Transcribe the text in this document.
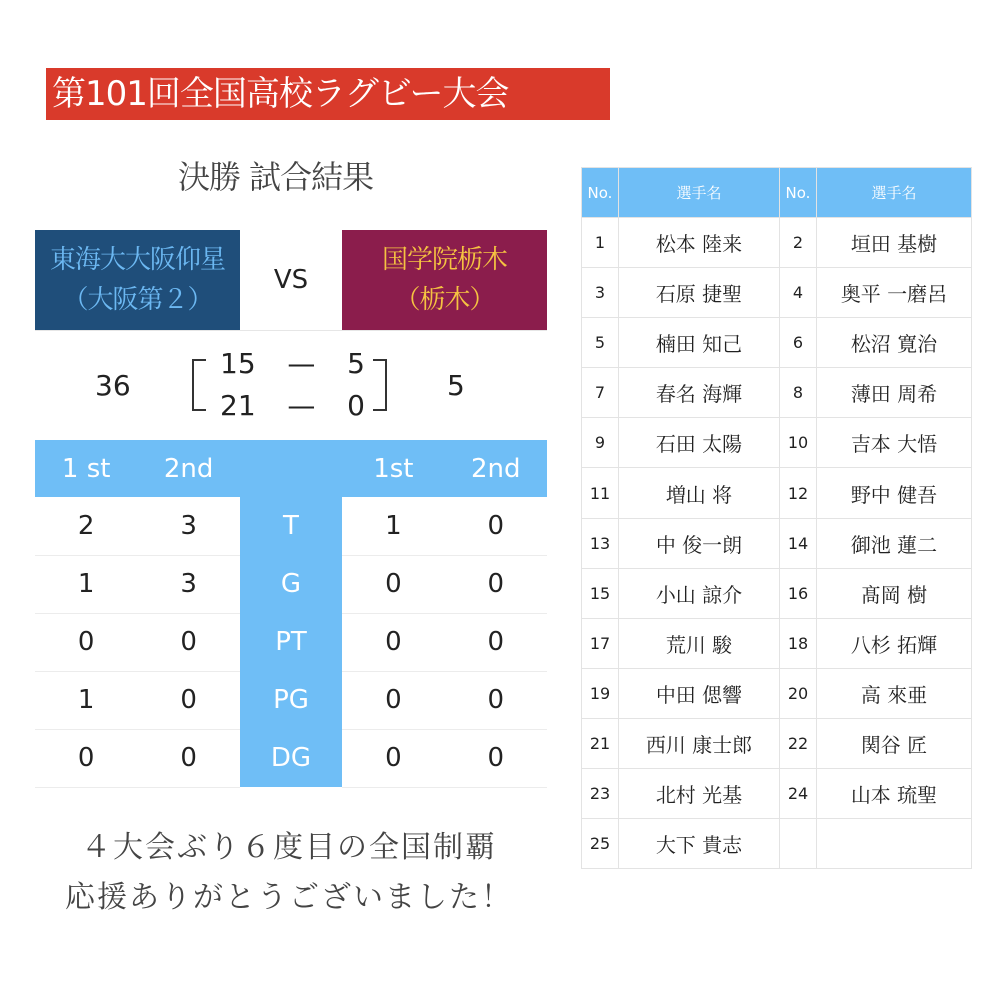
第101回全国高校ラグビー大会
決勝 試合結果
東海大大阪仰星
（大阪第２）
VS
国学院栃木
（栃木）
36
15 — 5
21 — 0
5
1 st	2nd		1st	2nd
2	3	T	1	0
1	3	G	0	0
0	0	PT	0	0
1	0	PG	0	0
0	0	DG	0	0
４大会ぶり６度目の全国制覇
応援ありがとうございました！
No.	選手名	No.	選手名
1	松本 陸来	2	垣田 基樹
3	石原 捷聖	4	奥平 一磨呂
5	楠田 知己	6	松沼 寛治
7	春名 海輝	8	薄田 周希
9	石田 太陽	10	吉本 大悟
11	増山 将	12	野中 健吾
13	中 俊一朗	14	御池 蓮二
15	小山 諒介	16	髙岡 樹
17	荒川 駿	18	八杉 拓輝
19	中田 偲響	20	高 來亜
21	西川 康士郎	22	関谷 匠
23	北村 光基	24	山本 琉聖
25	大下 貴志		
